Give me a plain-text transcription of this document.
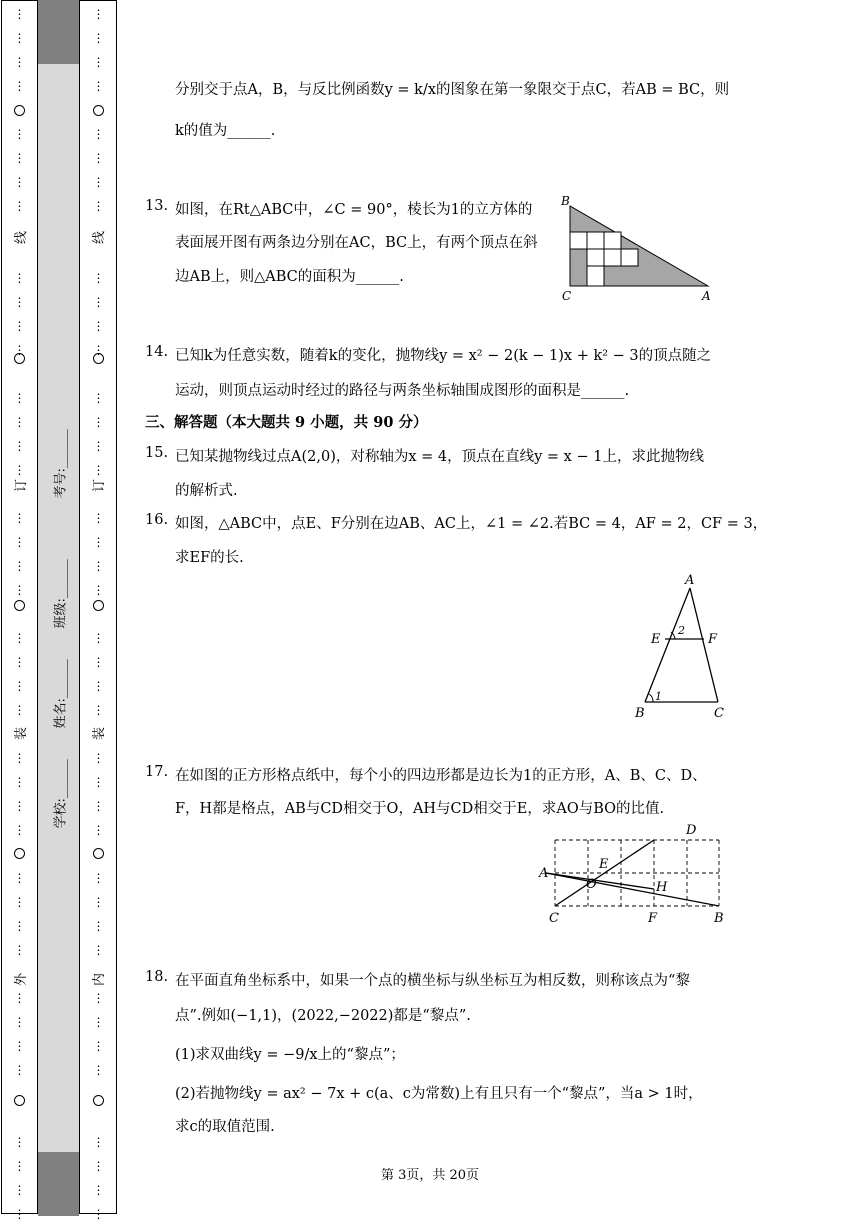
⋮
⋮
⋮
⋮
⋮
⋮
⋮
⋮
⋮
⋮
⋮
⋮
⋮
⋮
⋮
⋮
⋮
⋮
⋮
⋮
⋮
⋮
⋮
⋮
⋮
⋮
⋮
⋮
⋮
⋮
⋮
⋮
⋮
⋮
⋮
⋮
⋮
⋮
⋮
⋮
⋮
⋮
⋮
⋮
⋮
⋮
⋮
⋮
⋮
⋮
⋮
⋮
⋮
⋮
⋮
⋮
⋮
⋮
⋮
⋮
⋮
⋮
⋮
⋮
⋮
⋮
⋮
⋮
⋮
⋮
⋮
⋮
⋮
⋮
⋮
⋮
⋮
⋮
⋮
⋮
线
订
装
外
线
订
装
内
考号:
班级:
姓名:
学校:
分别交于点A，B，与反比例函数y = k/x的图象在第一象限交于点C，若AB = BC，则
k的值为______.
13. 如图，在Rt△ABC中，∠C = 90°，棱长为1的立方体的
表面展开图有两条边分别在AC，BC上，有两个顶点在斜
边AB上，则△ABC的面积为______.
B
C	A
14. 已知k为任意实数，随着k的变化，抛物线y = x² − 2(k − 1)x + k² − 3的顶点随之
运动，则顶点运动时经过的路径与两条坐标轴围成图形的面积是______.
三、解答题（本大题共 9 小题，共 90 分）
15. 已知某抛物线过点A(2,0)，对称轴为x = 4，顶点在直线y = x − 1上，求此抛物线
的解析式.
16. 如图，△ABC中，点E、F分别在边AB、AC上，∠1 = ∠2.若BC = 4，AF = 2，CF = 3，
求EF的长.
A
E	F
B	C
2
1
17. 在如图的正方形格点纸中，每个小的四边形都是边长为1的正方形，A、B、C、D、
F，H都是格点，AB与CD相交于O，AH与CD相交于E，求AO与BO的比值.
D
A
E
O	H
C	F	B
18. 在平面直角坐标系中，如果一个点的横坐标与纵坐标互为相反数，则称该点为“黎
点”.例如(−1,1)，(2022,−2022)都是“黎点”.
(1)求双曲线y = −9/x上的“黎点”；
(2)若抛物线y = ax² − 7x + c(a、c为常数)上有且只有一个“黎点”，当a > 1时，
求c的取值范围.
第 3页，共 20页
